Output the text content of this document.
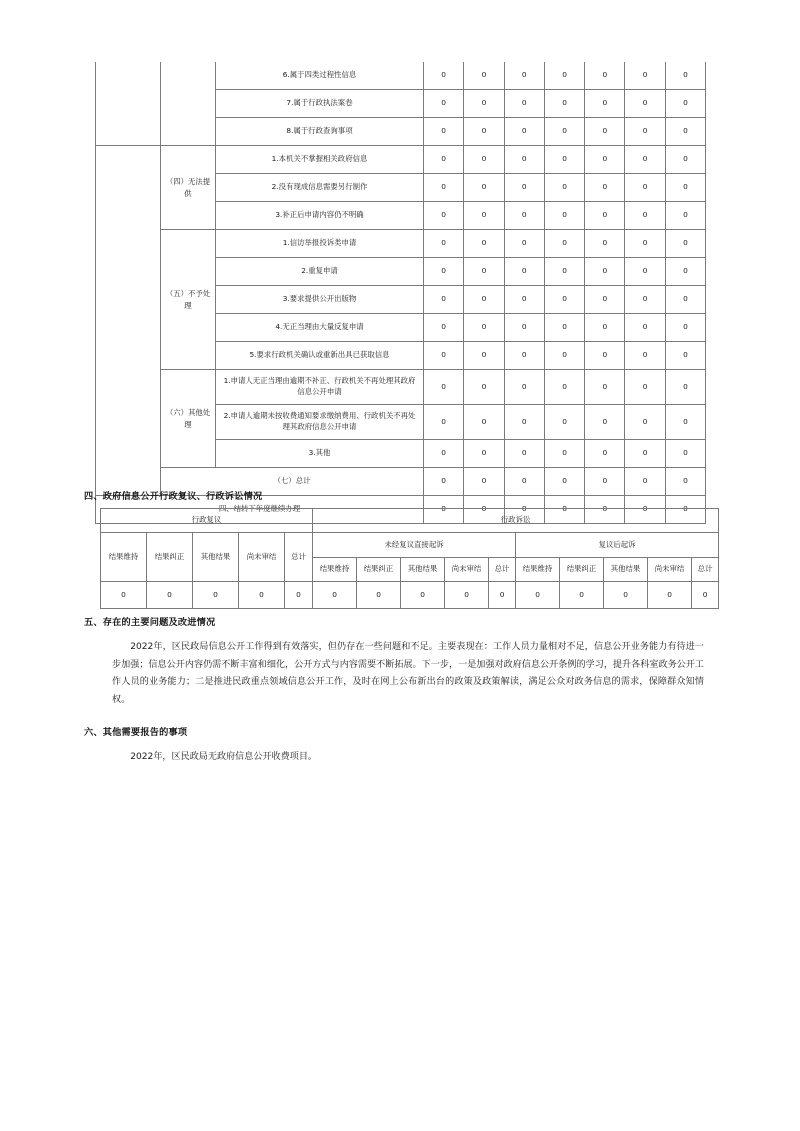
		6.属于四类过程性信息	0	0	0	0	0	0	0
		7.属于行政执法案卷	0	0	0	0	0	0	0
		8.属于行政查询事项	0	0	0	0	0	0	0
	（四）无法提供	1.本机关不掌握相关政府信息	0	0	0	0	0	0	0
		2.没有现成信息需要另行制作	0	0	0	0	0	0	0
		3.补正后申请内容仍不明确	0	0	0	0	0	0	0
	（五）不予处理	1.信访举报投诉类申请	0	0	0	0	0	0	0
		2.重复申请	0	0	0	0	0	0	0
		3.要求提供公开出版物	0	0	0	0	0	0	0
		4.无正当理由大量反复申请	0	0	0	0	0	0	0
		5.要求行政机关确认或重新出具已获取信息	0	0	0	0	0	0	0
	（六）其他处理	1.申请人无正当理由逾期不补正、行政机关不再处理其政府信息公开申请	0	0	0	0	0	0	0
		2.申请人逾期未按收费通知要求缴纳费用、行政机关不再处理其政府信息公开申请	0	0	0	0	0	0	0
		3.其他	0	0	0	0	0	0	0
	（七）总计		0	0	0	0	0	0	0
四、结转下年度继续办理			0	0	0	0	0	0	0
四、政府信息公开行政复议、行政诉讼情况
行政复议					行政诉讼									
结果维持	结果纠正	其他结果	尚未审结	总计	未经复议直接起诉					复议后起诉				
					结果维持	结果纠正	其他结果	尚未审结	总计	结果维持	结果纠正	其他结果	尚未审结	总计
0	0	0	0	0	0	0	0	0	0	0	0	0	0	0
五、存在的主要问题及改进情况
2022年，区民政局信息公开工作得到有效落实，但仍存在一些问题和不足。主要表现在：工作人员力量相对不足，信息公开业务能力有待进一步加强；信息公开内容仍需不断丰富和细化，公开方式与内容需要不断拓展。下一步，一是加强对政府信息公开条例的学习，提升各科室政务公开工作人员的业务能力；二是推进民政重点领域信息公开工作，及时在网上公布新出台的政策及政策解读，满足公众对政务信息的需求，保障群众知情权。
六、其他需要报告的事项
2022年，区民政局无政府信息公开收费项目。
